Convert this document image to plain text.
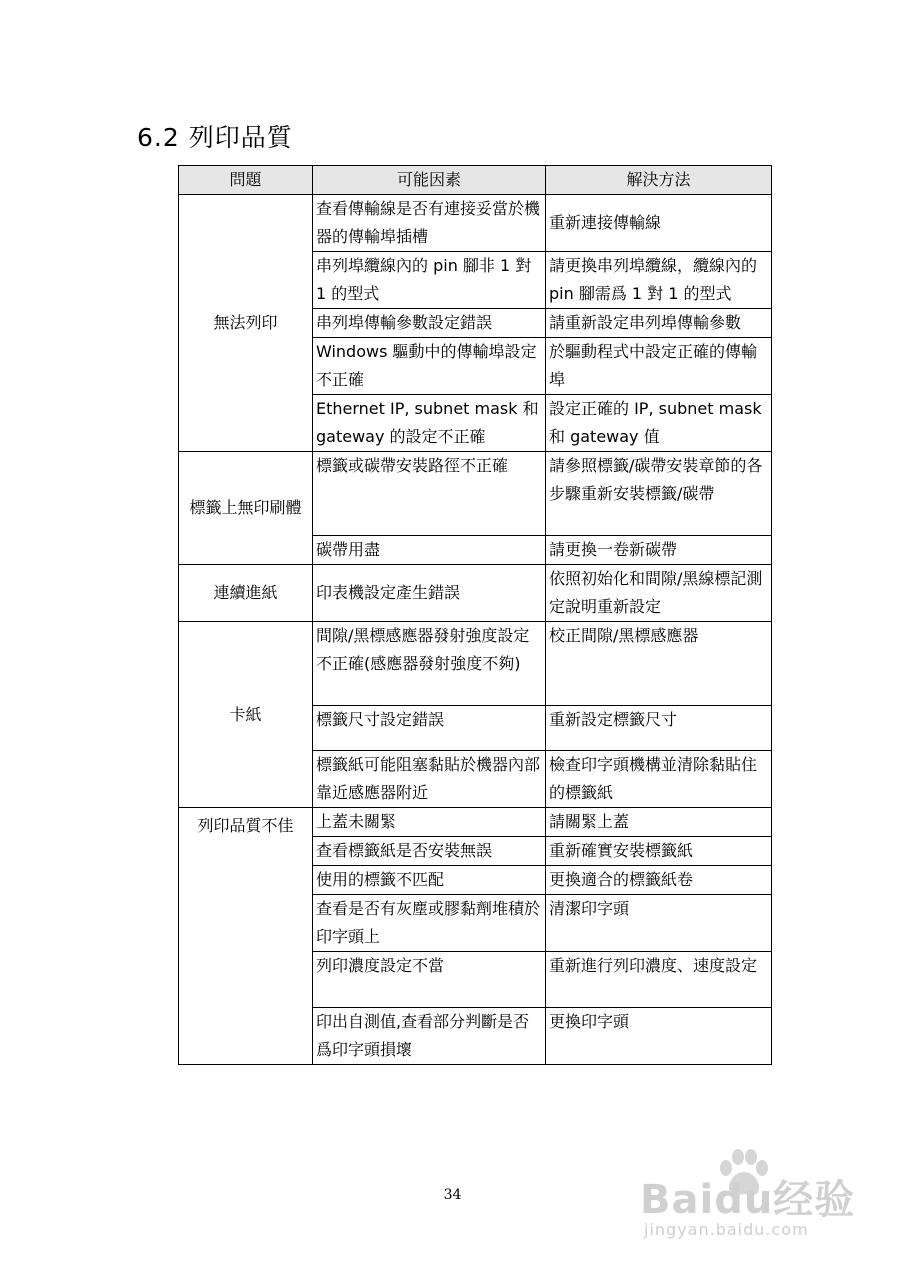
6.2 列印品質
問題	可能因素	解決方法
無法列印	查看傳輸線是否有連接妥當於機器的傳輸埠插槽	重新連接傳輸線
	串列埠纜線內的 pin 腳非 1 對 1 的型式	請更換串列埠纜線，纜線內的 pin 腳需爲 1 對 1 的型式
	串列埠傳輸參數設定錯誤	請重新設定串列埠傳輸參數
	Windows 驅動中的傳輸埠設定不正確	於驅動程式中設定正確的傳輸埠
	Ethernet IP, subnet mask 和 gateway 的設定不正確	設定正確的 IP, subnet mask 和 gateway 值
標籤上無印刷體	標籤或碳帶安裝路徑不正確	請參照標籤/碳帶安裝章節的各步驟重新安裝標籤/碳帶
	碳帶用盡	請更換一卷新碳帶
連續進紙	印表機設定產生錯誤	依照初始化和間隙/黑線標記測定說明重新設定
卡紙	間隙/黑標感應器發射強度設定不正確(感應器發射強度不夠)	校正間隙/黑標感應器
	標籤尺寸設定錯誤	重新設定標籤尺寸
	標籤紙可能阻塞黏貼於機器內部靠近感應器附近	檢查印字頭機構並清除黏貼住的標籤紙
列印品質不佳	上蓋未關緊	請關緊上蓋
	查看標籤紙是否安裝無誤	重新確實安裝標籤紙
	使用的標籤不匹配	更換適合的標籤紙卷
	查看是否有灰塵或膠黏劑堆積於印字頭上	清潔印字頭
	列印濃度設定不當	重新進行列印濃度、速度設定
	印出自測值,查看部分判斷是否爲印字頭損壞	更換印字頭
34	Baidu经验
jingyan.baidu.com
